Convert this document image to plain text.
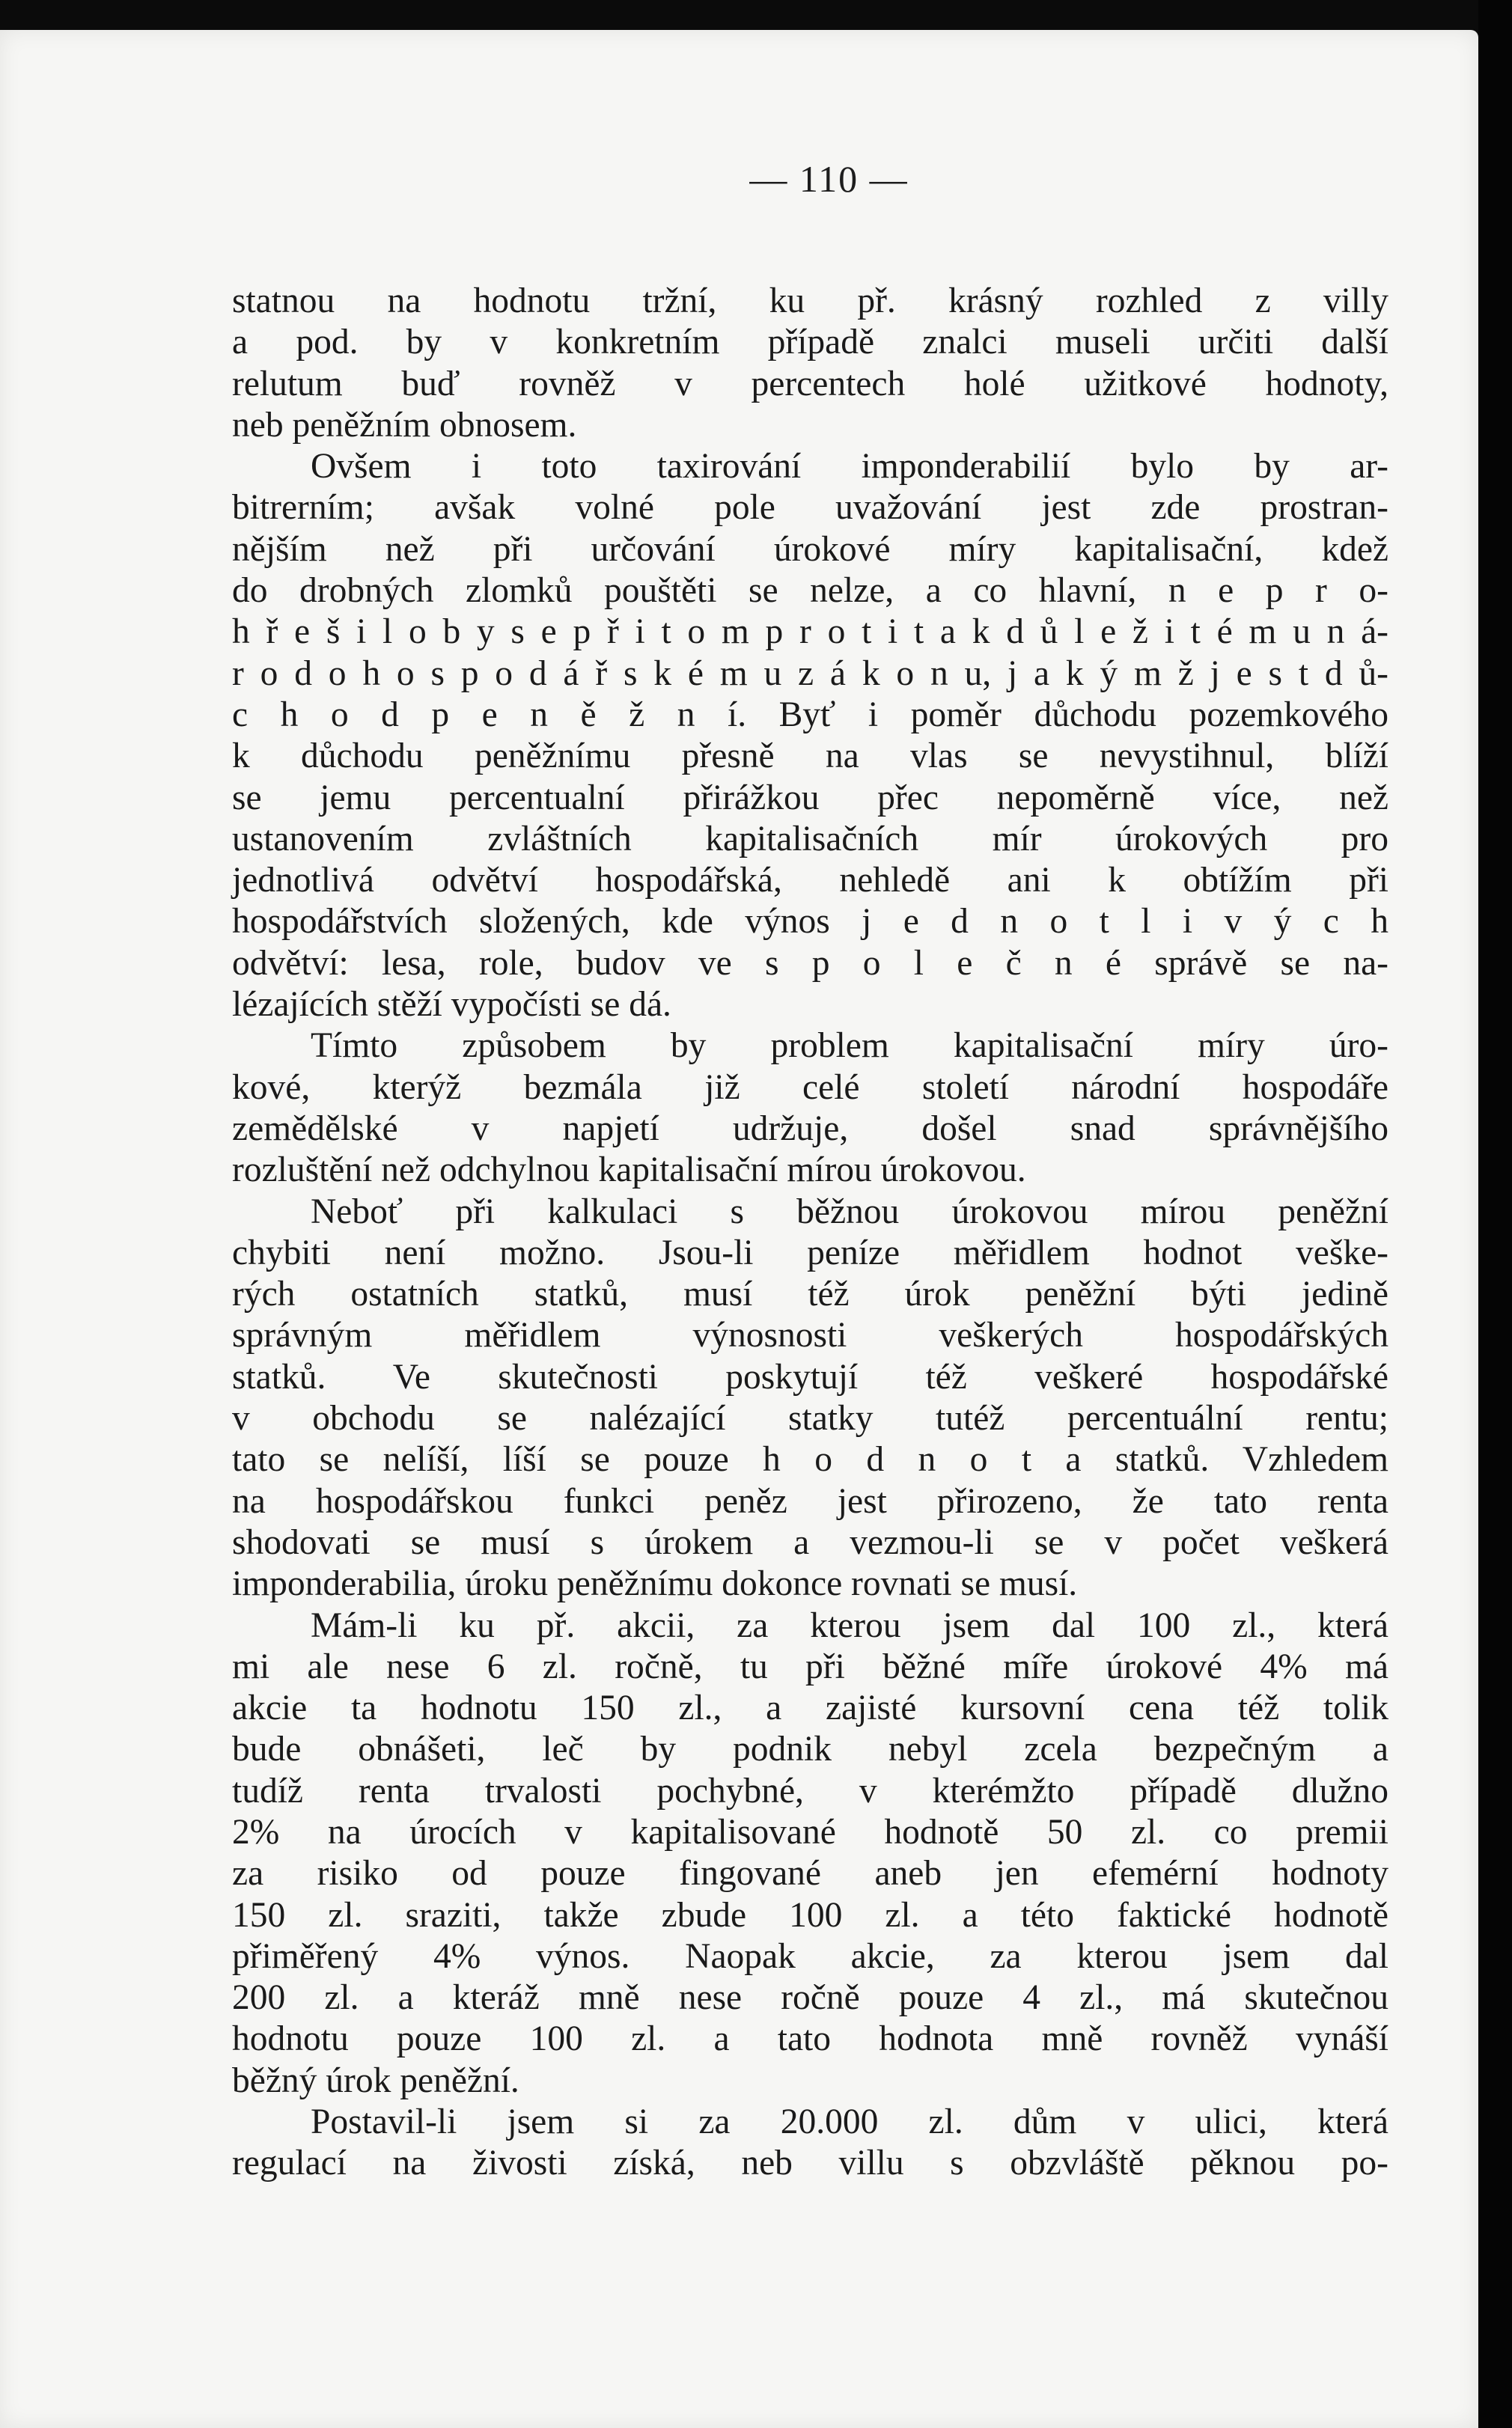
— 110 —
statnou na hodnotu tržní, ku př. krásný rozhled z villy
a pod. by v konkretním případě znalci museli určiti další
relutum buď rovněž v percentech holé užitkové hodnoty,
neb peněžním obnosem.
Ovšem i toto taxirování imponderabilií bylo by ar-
bitrerním; avšak volné pole uvažování jest zde prostran-
nějším než při určování úrokové míry kapitalisační, kdež
do drobných zlomků pouštěti se nelze, a co hlavní, n e p r o-
h ř e š i l o b y s e p ř i t o m p r o t i t a k d ů l e ž i t é m u n á-
r o d o h o s p o d á ř s k é m u z á k o n u, j a k ý m ž j e s t d ů-
c h o d p e n ě ž n í. Byť i poměr důchodu pozemkového
k důchodu peněžnímu přesně na vlas se nevystihnul, blíží
se jemu percentualní přirážkou přec nepoměrně více, než
ustanovením zvláštních kapitalisačních mír úrokových pro
jednotlivá odvětví hospodářská, nehledě ani k obtížím při
hospodářstvích složených, kde výnos j e d n o t l i v ý c h
odvětví: lesa, role, budov ve s p o l e č n é správě se na-
lézajících stěží vypočísti se dá.
Tímto způsobem by problem kapitalisační míry úro-
kové, kterýž bezmála již celé století národní hospodáře
zemědělské v napjetí udržuje, došel snad správnějšího
rozluštění než odchylnou kapitalisační mírou úrokovou.
Neboť při kalkulaci s běžnou úrokovou mírou peněžní
chybiti není možno. Jsou-li peníze měřidlem hodnot veške-
rých ostatních statků, musí též úrok peněžní býti jedině
správným měřidlem výnosnosti veškerých hospodářských
statků. Ve skutečnosti poskytují též veškeré hospodářské
v obchodu se nalézající statky tutéž percentuální rentu;
tato se nelíší, líší se pouze h o d n o t a statků. Vzhledem
na hospodářskou funkci peněz jest přirozeno, že tato renta
shodovati se musí s úrokem a vezmou-li se v počet veškerá
imponderabilia, úroku peněžnímu dokonce rovnati se musí.
Mám-li ku př. akcii, za kterou jsem dal 100 zl., která
mi ale nese 6 zl. ročně, tu při běžné míře úrokové 4% má
akcie ta hodnotu 150 zl., a zajisté kursovní cena též tolik
bude obnášeti, leč by podnik nebyl zcela bezpečným a
tudíž renta trvalosti pochybné, v kterémžto případě dlužno
2% na úrocích v kapitalisované hodnotě 50 zl. co premii
za risiko od pouze fingované aneb jen efemérní hodnoty
150 zl. sraziti, takže zbude 100 zl. a této faktické hodnotě
přiměřený 4% výnos. Naopak akcie, za kterou jsem dal
200 zl. a kteráž mně nese ročně pouze 4 zl., má skutečnou
hodnotu pouze 100 zl. a tato hodnota mně rovněž vynáší
běžný úrok peněžní.
Postavil-li jsem si za 20.000 zl. dům v ulici, která
regulací na živosti získá, neb villu s obzvláště pěknou po-
